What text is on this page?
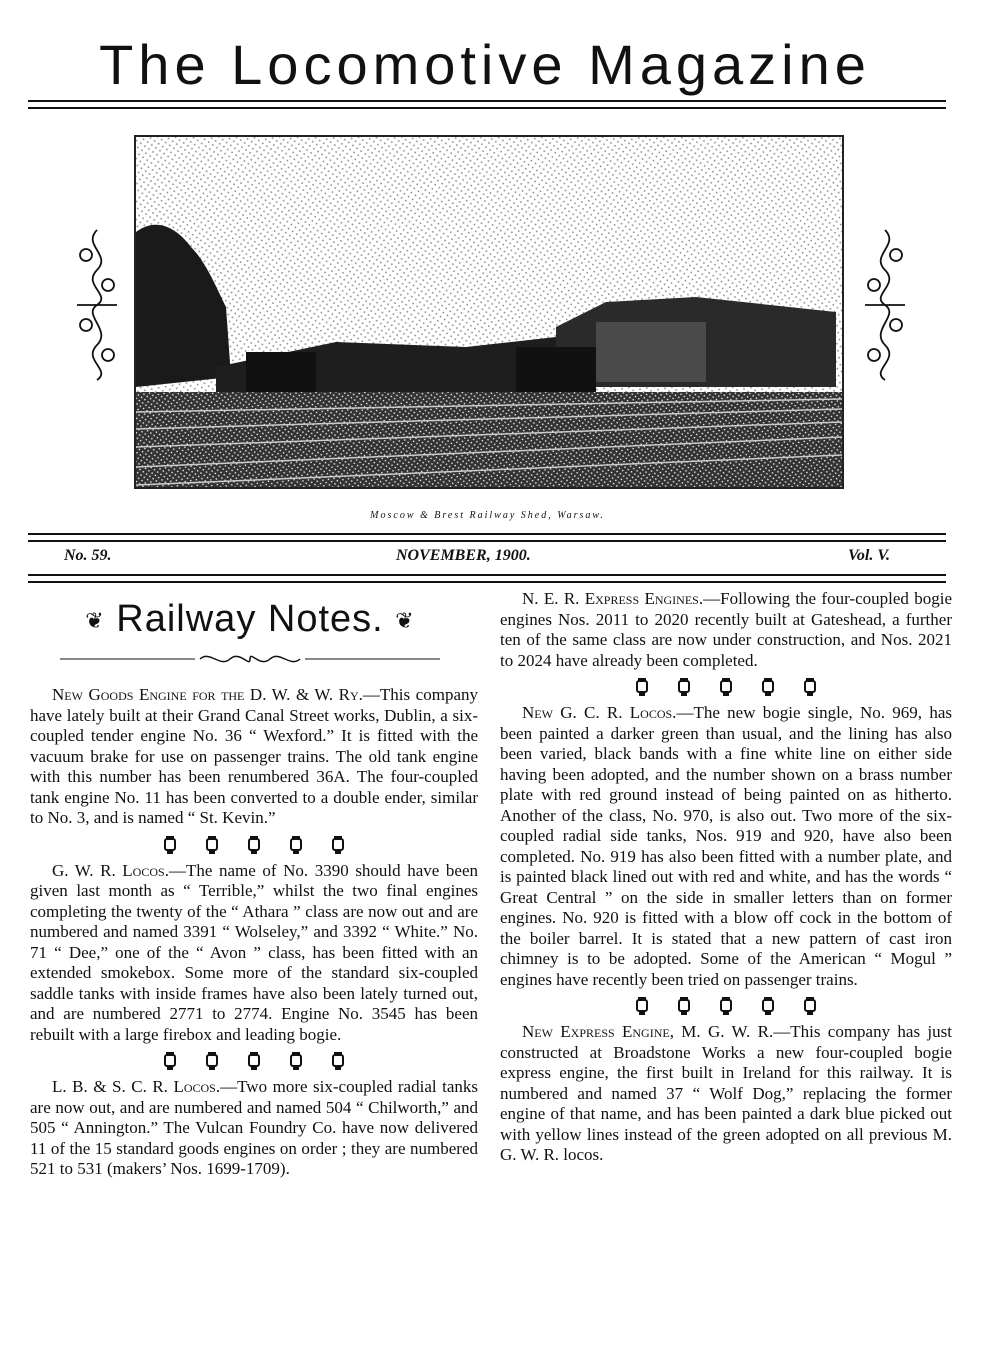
The Locomotive Magazine
Moscow & Brest Railway Shed, Warsaw.
No. 59.	NOVEMBER, 1900.	Vol. V.
❦ Railway Notes. ❦

New Goods Engine for the D. W. & W. Ry.—This company have lately built at their Grand Canal Street works, Dublin, a six-coupled tender engine No. 36 “ Wexford.” It is fitted with the vacuum brake for use on passenger trains. The old tank engine with this number has been renumbered 36A. The four-coupled tank engine No. 11 has been converted to a double ender, similar to No. 3, and is named “ St. Kevin.”

G. W. R. Locos.—The name of No. 3390 should have been given last month as “ Terrible,” whilst the two final engines completing the twenty of the “ Athara ” class are now out and are numbered and named 3391 “ Wolseley,” and 3392 “ White.” No. 71 “ Dee,” one of the “ Avon ” class, has been fitted with an extended smokebox. Some more of the standard six-coupled saddle tanks with inside frames have also been lately turned out, and are numbered 2771 to 2774. Engine No. 3545 has been rebuilt with a large firebox and leading bogie.

L. B. & S. C. R. Locos.—Two more six-coupled radial tanks are now out, and are numbered and named 504 “ Chilworth,” and 505 “ Annington.” The Vulcan Foundry Co. have now delivered 11 of the 15 standard goods engines on order ; they are numbered 521 to 531 (makers’ Nos. 1699-1709).

N. E. R. Express Engines.—Following the four-coupled bogie engines Nos. 2011 to 2020 recently built at Gateshead, a further ten of the same class are now under construction, and Nos. 2021 to 2024 have already been completed.

New G. C. R. Locos.—The new bogie single, No. 969, has been painted a darker green than usual, and the lining has also been varied, black bands with a fine white line on either side having been adopted, and the number shown on a brass number plate with red ground instead of being painted on as hitherto. Another of the class, No. 970, is also out. Two more of the six-coupled radial side tanks, Nos. 919 and 920, have also been completed. No. 919 has also been fitted with a number plate, and is painted black lined out with red and white, and has the words “ Great Central ” on the side in smaller letters than on former engines. No. 920 is fitted with a blow off cock in the bottom of the boiler barrel. It is stated that a new pattern of cast iron chimney is to be adopted. Some of the American “ Mogul ” engines have recently been tried on passenger trains.

New Express Engine, M. G. W. R.—This company has just constructed at Broadstone Works a new four-coupled bogie express engine, the first built in Ireland for this railway. It is numbered and named 37 “ Wolf Dog,” replacing the former engine of that name, and has been painted a dark blue picked out with yellow lines instead of the green adopted on all previous M. G. W. R. locos.
